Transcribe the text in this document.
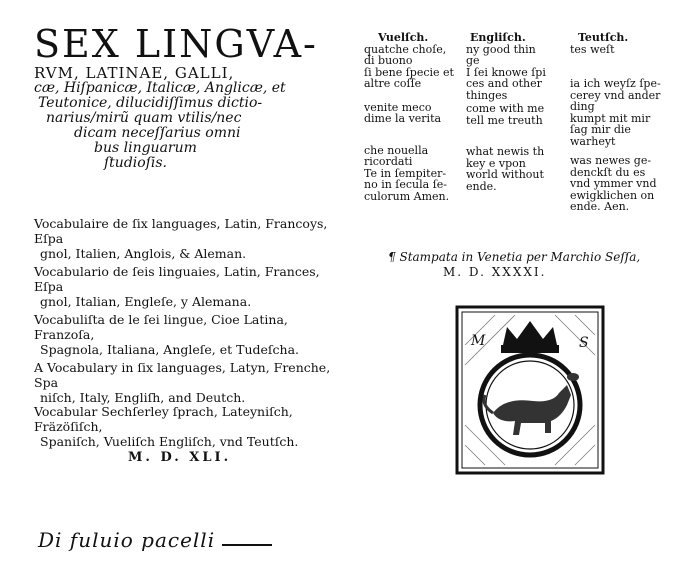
SEX LINGVA-
RVM, LATINAE, GALLI,
cæ, Hiſpanicæ, Italicæ, Anglicæ, et
Teutonice, dilucidiſſimus dictio-
narius/mirũ quam vtilis/nec
dicam neceſſarius omni
bus linguarum
ſtudioſis.
Vocabulaire de ſix languages, Latin, Francoys, Eſpa
gnol, Italien, Anglois, & Aleman.
Vocabulario de ſeis linguaies, Latin, Frances, Eſpa
gnol, Italian, Engleſe, y Alemana.
Vocabuliſta de le ſei lingue, Cioe Latina, Franzoſa,
Spagnola, Italiana, Angleſe, et Tudeſcha.
A Vocabulary in ſix languages, Latyn, Frenche, Spa
niſch, Italy, Engliſh, and Deutch.
Vocabular Sechſerley ſprach, Lateyniſch, Fräzöſiſch,
Spaniſch, Vueliſch Engliſch, vnd Teutſch.
M. D. XLI.
Vuelſch.
quatche choſe,
di buono
ſi bene ſpecie et
altre coſſe
venite meco
dime la verita
che nouella
ricordati
Te in ſempiter-
no in ſecula ſe-
culorum Amen.
Engliſch.
ny good thin
ge
I ſei knowe ſpi
ces and other
thinges
come with me
tell me treuth
what newis th
key e vpon
world without
ende.
Teutſch.
tes weſt
ia ich weyſz ſpe-
cerey vnd ander
ding
kumpt mit mir
ſag mir die
warheyt
was newes ge-
denckſt du es
vnd ymmer vnd
ewigklichen on
ende. Aen.
¶ Stampata in Venetia per Marchio Seſſa,
M. D. XXXXI.
M	S
Di fuluio pacelli
